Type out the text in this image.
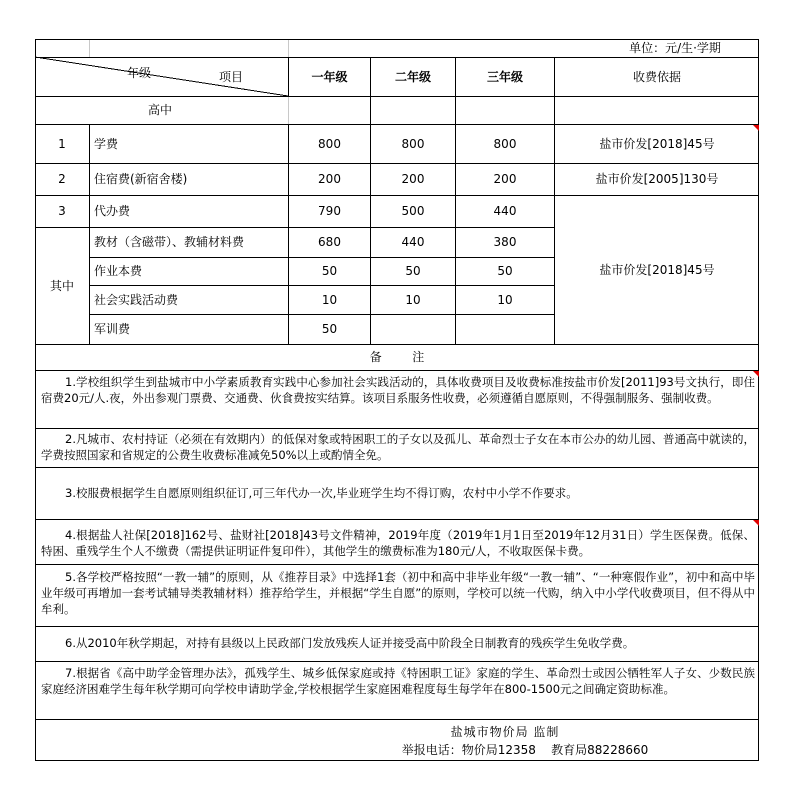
单位：元/生·学期
年级	项目	一年级	二年级	三年级	收费依据
高中
1	学费	800	800	800	盐市价发[2018]45号
2	住宿费(新宿舍楼)	200	200	200	盐市价发[2005]130号
3	代办费	790	500	440
其中
教材（含磁带）、教辅材料费	680	440	380
作业本费	50	50	50
社会实践活动费	10	10	10
军训费	50
盐市价发[2018]45号
备        注
1.学校组织学生到盐城市中小学素质教育实践中心参加社会实践活动的，具体收费项目及收费标准按盐市价发[2011]93号文执行，即住宿费20元/人.夜，外出参观门票费、交通费、伙食费按实结算。该项目系服务性收费，必须遵循自愿原则，不得强制服务、强制收费。
2.凡城市、农村持证（必须在有效期内）的低保对象或特困职工的子女以及孤儿、革命烈士子女在本市公办的幼儿园、普通高中就读的，学费按照国家和省规定的公费生收费标准减免50%以上或酌情全免。
3.校服费根据学生自愿原则组织征订,可三年代办一次,毕业班学生均不得订购，农村中小学不作要求。
4.根据盐人社保[2018]162号、盐财社[2018]43号文件精神，2019年度（2019年1月1日至2019年12月31日）学生医保费。低保、特困、重残学生个人不缴费（需提供证明证件复印件），其他学生的缴费标准为180元/人，不收取医保卡费。
5.各学校严格按照“一教一辅”的原则，从《推荐目录》中选择1套（初中和高中非毕业年级“一教一辅”、“一种寒假作业”，初中和高中毕业年级可再增加一套考试辅导类教辅材料）推荐给学生，并根据“学生自愿”的原则，学校可以统一代购，纳入中小学代收费项目，但不得从中牟利。
6.从2010年秋学期起，对持有县级以上民政部门发放残疾人证并接受高中阶段全日制教育的残疾学生免收学费。
7.根据省《高中助学金管理办法》，孤残学生、城乡低保家庭或持《特困职工证》家庭的学生、革命烈士或因公牺牲军人子女、少数民族家庭经济困难学生每年秋学期可向学校申请助学金,学校根据学生家庭困难程度每生每学年在800-1500元之间确定资助标准。
盐城市物价局 监制
举报电话：物价局12358    教育局88228660
